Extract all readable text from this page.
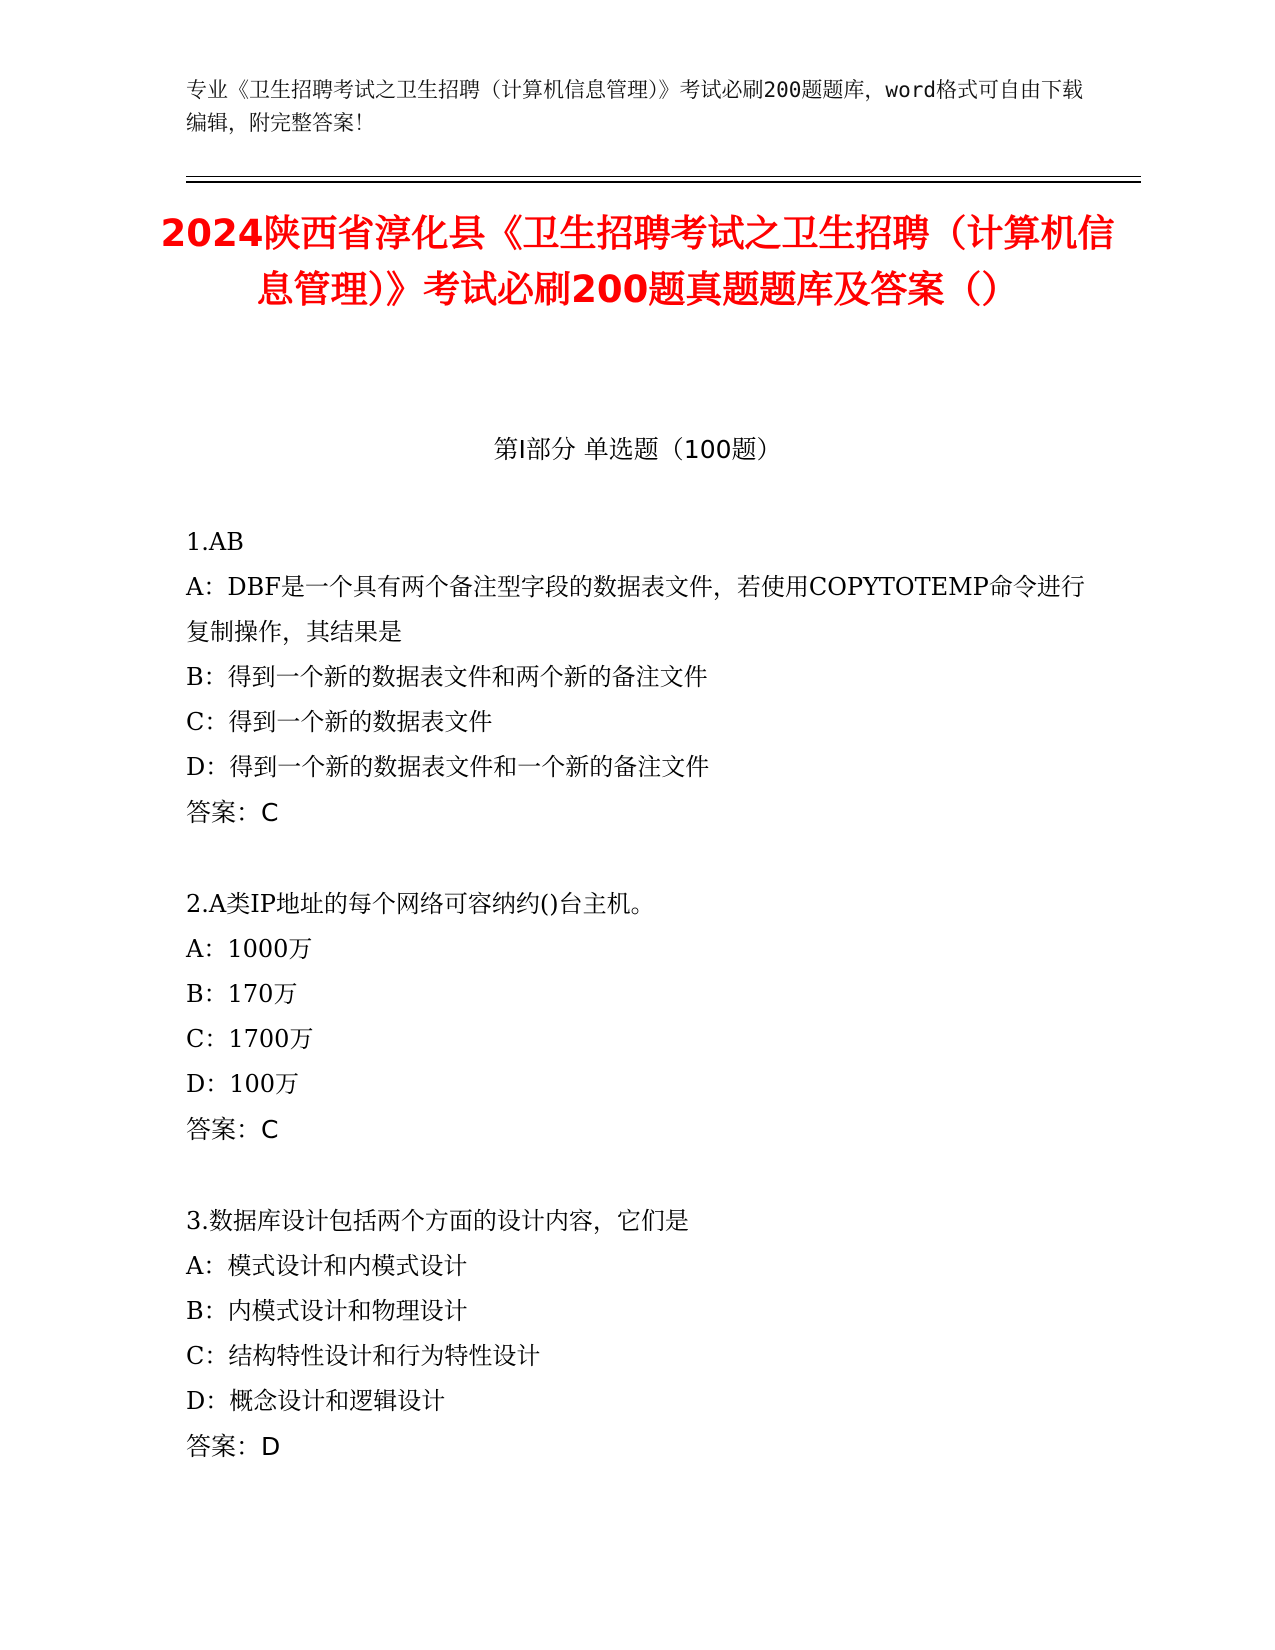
专业《卫生招聘考试之卫生招聘（计算机信息管理）》考试必刷200题题库，word格式可自由下载编辑，附完整答案！
2024陕西省淳化县《卫生招聘考试之卫生招聘（计算机信息管理）》考试必刷200题真题题库及答案（）
第Ⅰ部分 单选题（100题）
1.AB
A：DBF是一个具有两个备注型字段的数据表文件，若使用COPYTOTEMP命令进行复制操作，其结果是
B：得到一个新的数据表文件和两个新的备注文件
C：得到一个新的数据表文件
D：得到一个新的数据表文件和一个新的备注文件
答案：C
2.A类IP地址的每个网络可容纳约()台主机。
A：1000万
B：170万
C：1700万
D：100万
答案：C
3.数据库设计包括两个方面的设计内容，它们是
A：模式设计和内模式设计
B：内模式设计和物理设计
C：结构特性设计和行为特性设计
D：概念设计和逻辑设计
答案：D
